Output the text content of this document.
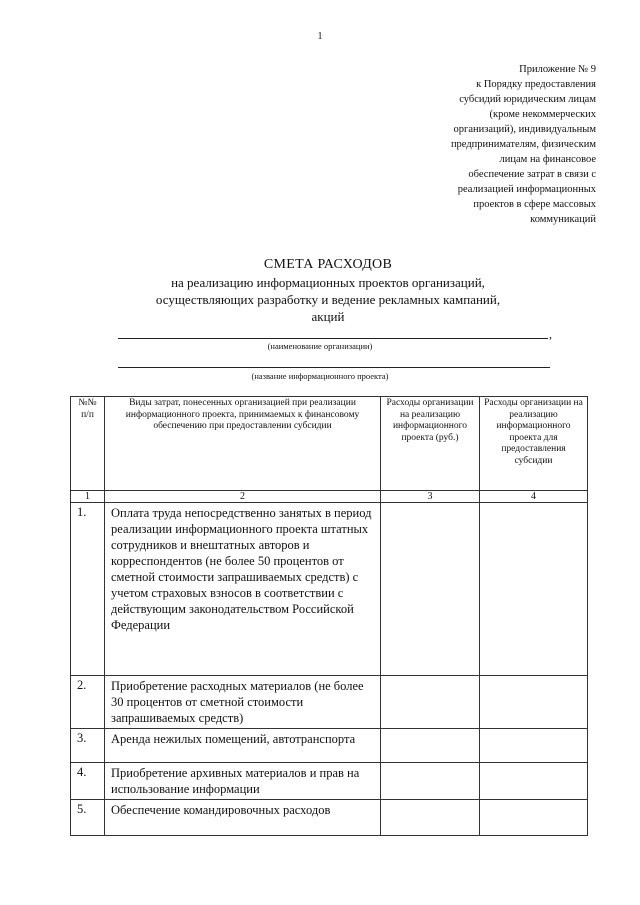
1
Приложение № 9
к Порядку предоставления
субсидий юридическим лицам
(кроме некоммерческих
организаций), индивидуальным
предпринимателям, физическим
лицам на финансовое
обеспечение затрат в связи с
реализацией информационных
проектов в сфере массовых
коммуникаций
СМЕТА РАСХОДОВ
на реализацию информационных проектов организаций,
осуществляющих разработку и ведение рекламных кампаний,
акций
,
(наименование организации)
(название информационного проекта)
№№ п/п	Виды затрат, понесенных организацией при реализации информационного проекта, принимаемых к финансовому обеспечению при предоставлении субсидии	Расходы организации на реализацию информационного проекта (руб.)	Расходы организации на реализацию информационного проекта для предоставления субсидии
1	2	3	4
1.	Оплата труда непосредственно занятых в период реализации информационного проекта штатных сотрудников и внештатных авторов и корреспондентов (не более 50 процентов от сметной стоимости запрашиваемых средств) с учетом страховых взносов в соответствии с действующим законодательством Российской Федерации		
2.	Приобретение расходных материалов (не более 30 процентов от сметной стоимости запрашиваемых средств)		
3.	Аренда нежилых помещений, автотранспорта		
4.	Приобретение архивных материалов и прав на использование информации		
5.	Обеспечение командировочных расходов		
